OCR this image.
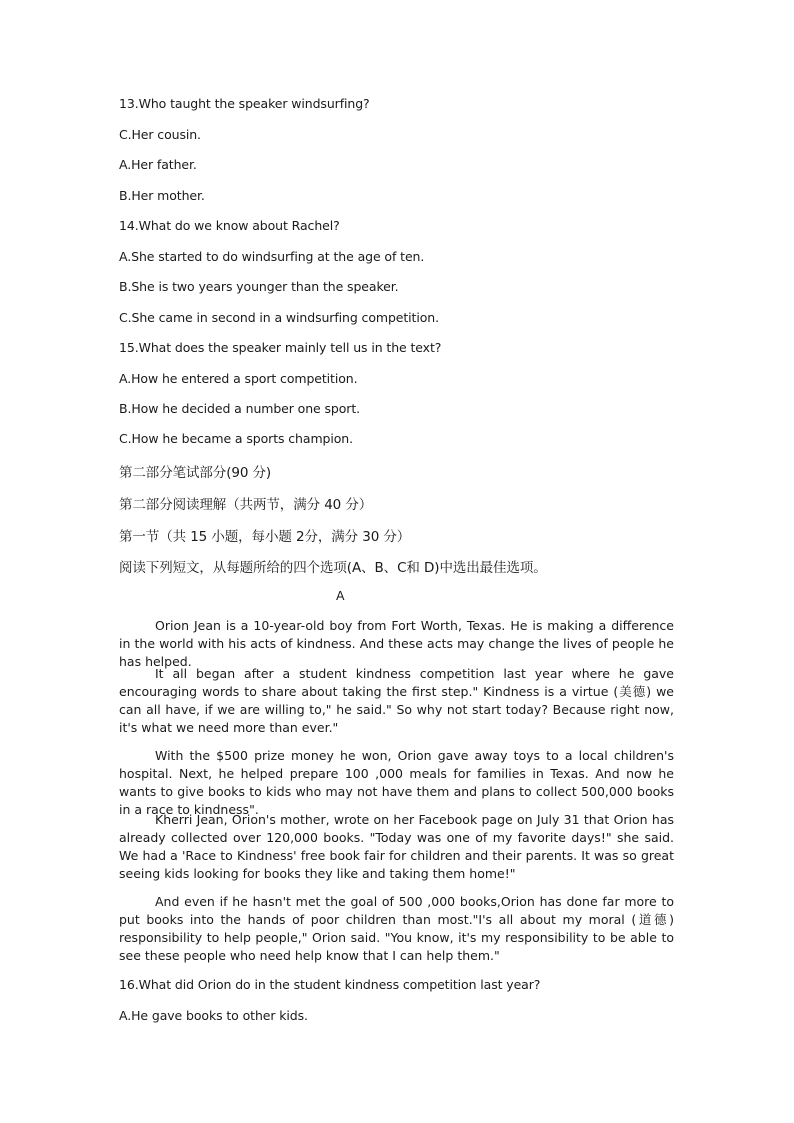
13.Who taught the speaker windsurfing?
C.Her cousin.
A.Her father.
B.Her mother.
14.What do we know about Rachel?
A.She started to do windsurfing at the age of ten.
B.She is two years younger than the speaker.
C.She came in second in a windsurfing competition.
15.What does the speaker mainly tell us in the text?
A.How he entered a sport competition.
B.How he decided a number one sport.
C.How he became a sports champion.
第二部分笔试部分(90 分)
第二部分阅读理解（共两节，满分 40 分）
第一节（共 15 小题，每小题 2分，满分 30 分）
阅读下列短文，从每题所给的四个选项(A、B、C和 D)中选出最佳选项。
A

Orion Jean is a 10-year-old boy from Fort Worth, Texas. He is making a difference in the world with his acts of kindness. And these acts may change the lives of people he has helped.

It all began after a student kindness competition last year where he gave encouraging words to share about taking the first step." Kindness is a virtue (美德) we can all have, if we are willing to," he said." So why not start today? Because right now, it's what we need more than ever."

With the $500 prize money he won, Orion gave away toys to a local children's hospital. Next, he helped prepare 100 ,000 meals for families in Texas. And now he wants to give books to kids who may not have them and plans to collect 500,000 books in a race to kindness".

Kherri Jean, Orion's mother, wrote on her Facebook page on July 31 that Orion has already collected over 120,000 books. "Today was one of my favorite days!" she said. We had a 'Race to Kindness' free book fair for children and their parents. It was so great seeing kids looking for books they like and taking them home!"

And even if he hasn't met the goal of 500 ,000 books,Orion has done far more to put books into the hands of poor children than most."I's all about my moral (道德) responsibility to help people," Orion said. "You know, it's my responsibility to be able to see these people who need help know that I can help them."

16.What did Orion do in the student kindness competition last year?
A.He gave books to other kids.
